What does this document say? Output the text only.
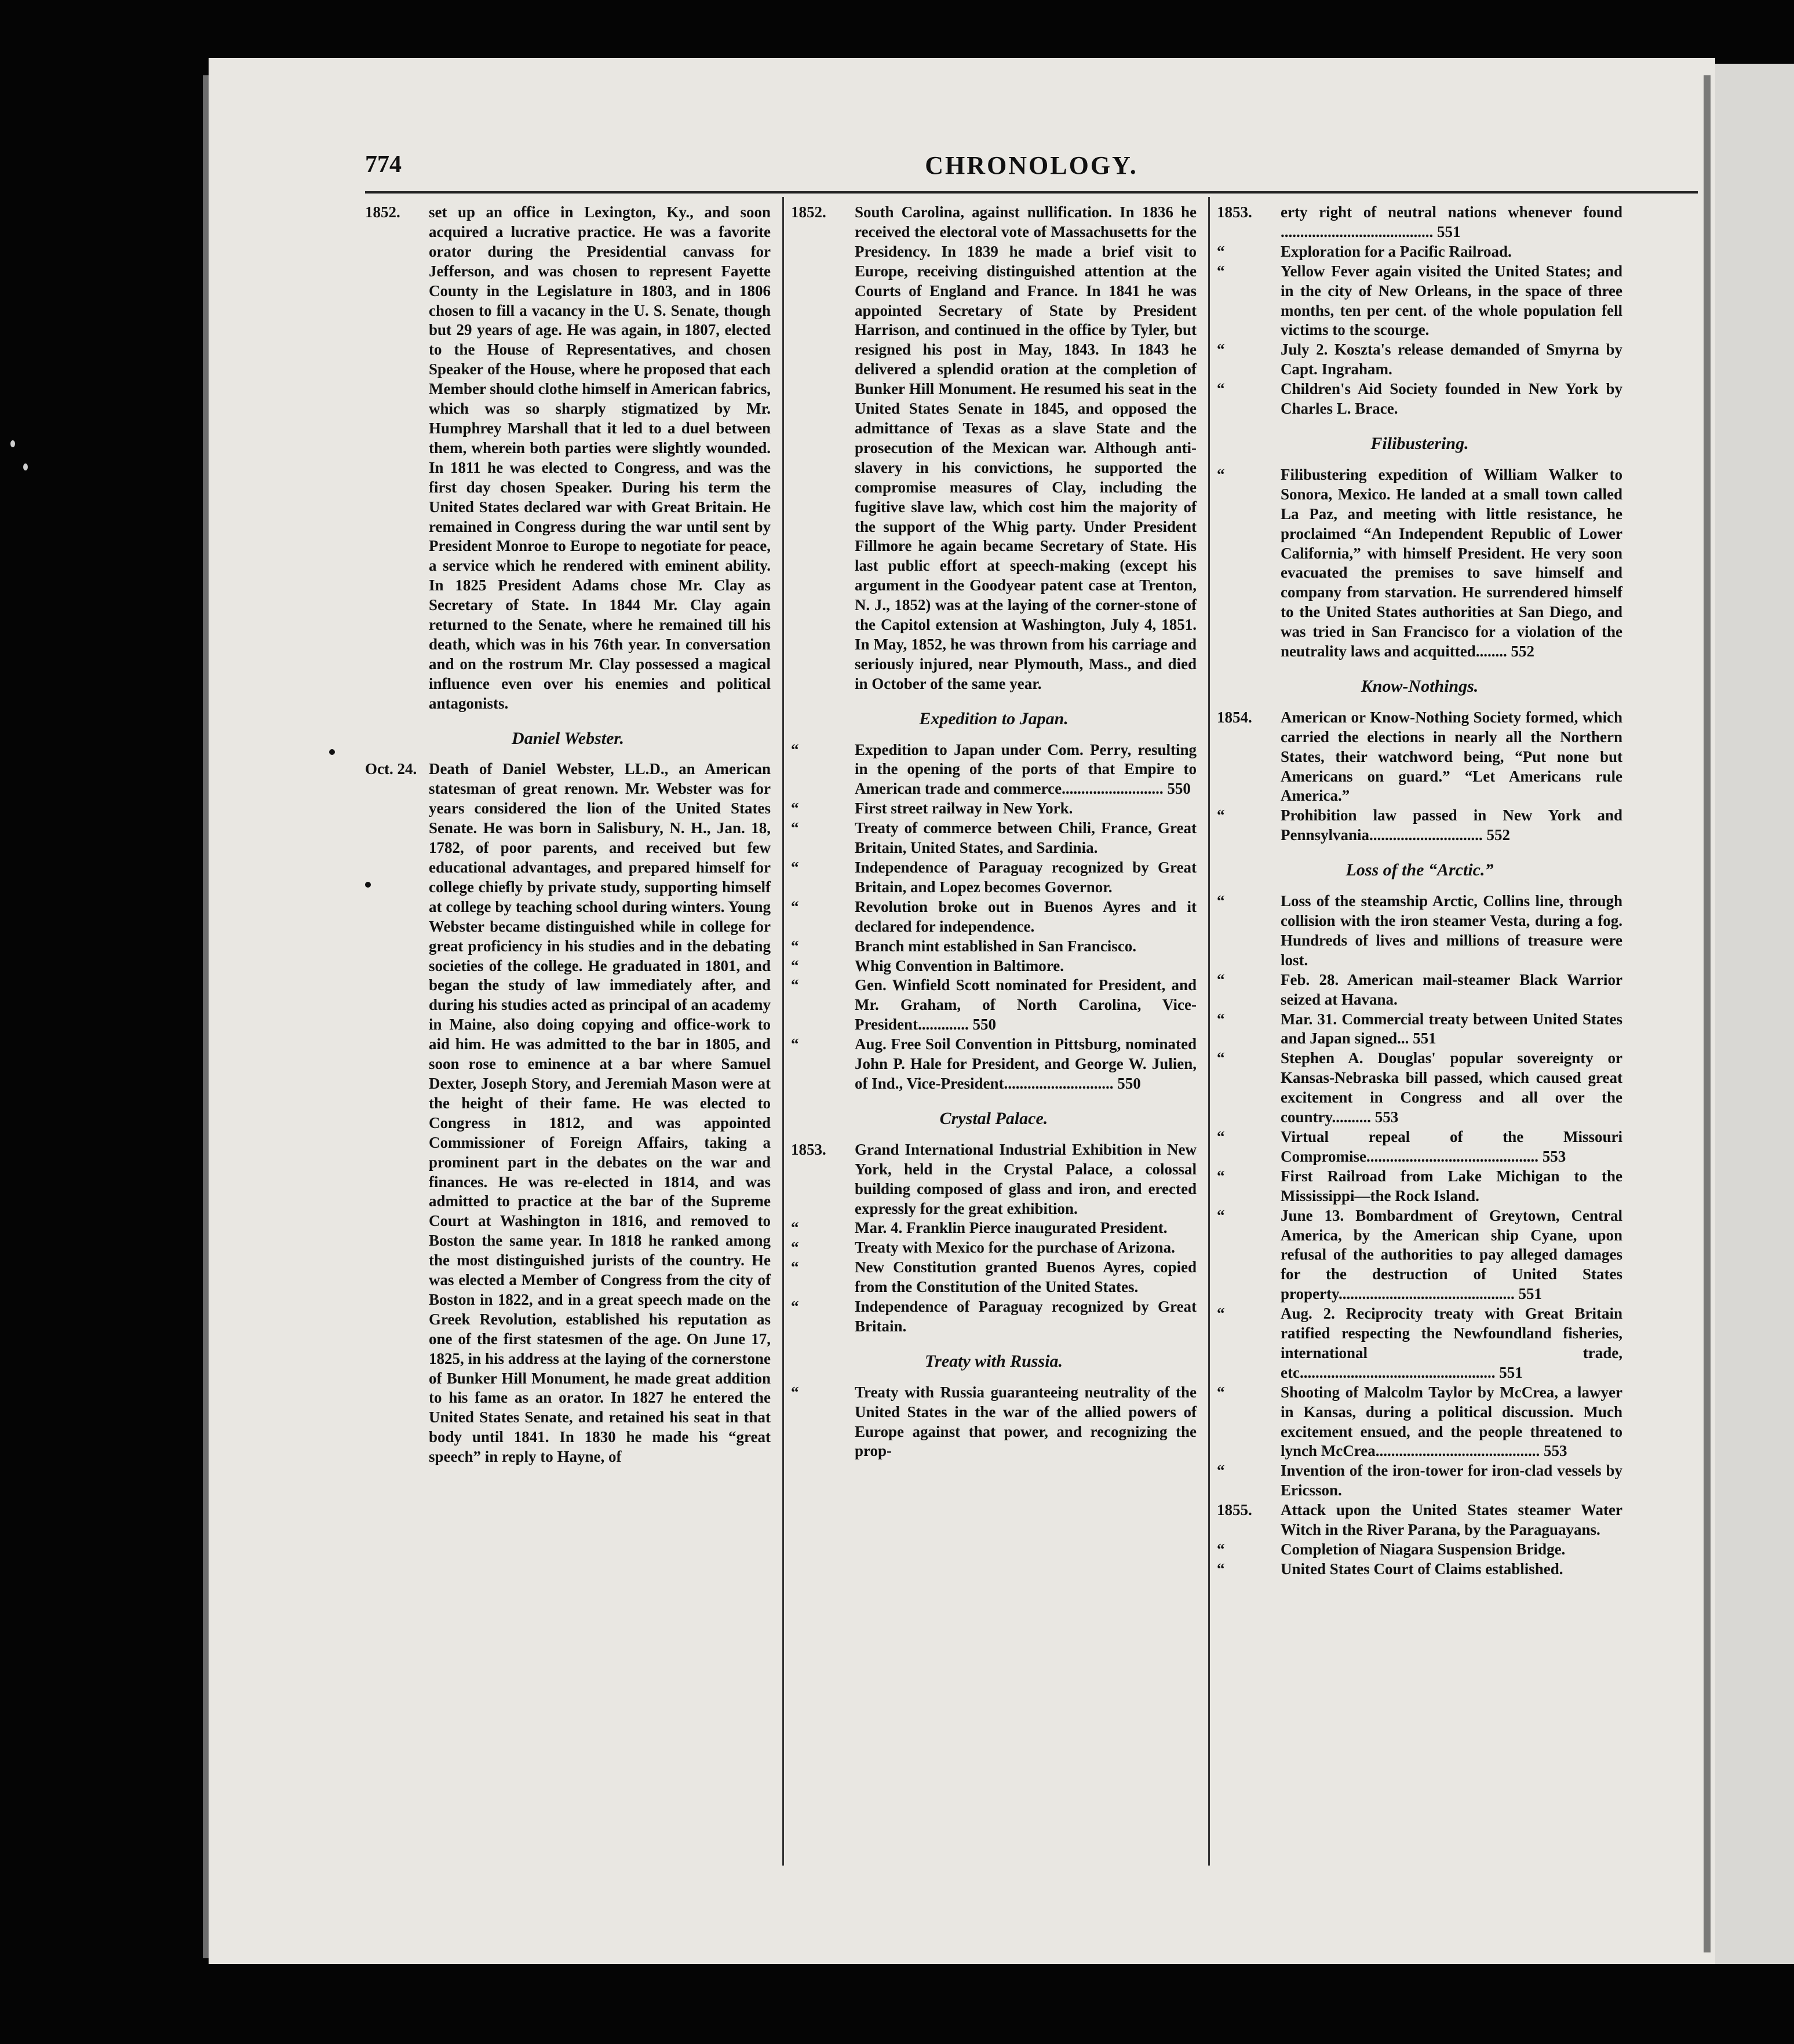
774	CHRONOLOGY.
1852.	set up an office in Lexington, Ky., and soon acquired a lucrative practice. He was a favorite orator during the Presidential canvass for Jefferson, and was chosen to represent Fayette County in the Legislature in 1803, and in 1806 chosen to fill a vacancy in the U. S. Senate, though but 29 years of age. He was again, in 1807, elected to the House of Representatives, and chosen Speaker of the House, where he proposed that each Member should clothe himself in American fabrics, which was so sharply stigmatized by Mr. Humphrey Marshall that it led to a duel between them, wherein both parties were slightly wounded. In 1811 he was elected to Congress, and was the first day chosen Speaker. During his term the United States declared war with Great Britain. He remained in Congress during the war until sent by President Monroe to Europe to negotiate for peace, a service which he rendered with eminent ability. In 1825 President Adams chose Mr. Clay as Secretary of State. In 1844 Mr. Clay again returned to the Senate, where he remained till his death, which was in his 76th year. In conversation and on the rostrum Mr. Clay possessed a magical influence even over his enemies and political antagonists.
Daniel Webster.
Oct. 24. Death of Daniel Webster, LL.D., an American statesman of great renown. Mr. Webster was for years considered the lion of the United States Senate. He was born in Salisbury, N. H., Jan. 18, 1782, of poor parents, and received but few educational advantages, and prepared himself for college chiefly by private study, supporting himself at college by teaching school during winters. Young Webster became distinguished while in college for great proficiency in his studies and in the debating societies of the college. He graduated in 1801, and began the study of law immediately after, and during his studies acted as principal of an academy in Maine, also doing copying and office-work to aid him. He was admitted to the bar in 1805, and soon rose to eminence at a bar where Samuel Dexter, Joseph Story, and Jeremiah Mason were at the height of their fame. He was elected to Congress in 1812, and was appointed Commissioner of Foreign Affairs, taking a prominent part in the debates on the war and finances. He was re-elected in 1814, and was admitted to practice at the bar of the Supreme Court at Washington in 1816, and removed to Boston the same year. In 1818 he ranked among the most distinguished jurists of the country. He was elected a Member of Congress from the city of Boston in 1822, and in a great speech made on the Greek Revolution, established his reputation as one of the first statesmen of the age. On June 17, 1825, in his address at the laying of the cornerstone of Bunker Hill Monument, he made great addition to his fame as an orator. In 1827 he entered the United States Senate, and retained his seat in that body until 1841. In 1830 he made his “great speech” in reply to Hayne, of
1852.	South Carolina, against nullification. In 1836 he received the electoral vote of Massachusetts for the Presidency. In 1839 he made a brief visit to Europe, receiving distinguished attention at the Courts of England and France. In 1841 he was appointed Secretary of State by President Harrison, and continued in the office by Tyler, but resigned his post in May, 1843. In 1843 he delivered a splendid oration at the completion of Bunker Hill Monument. He resumed his seat in the United States Senate in 1845, and opposed the admittance of Texas as a slave State and the prosecution of the Mexican war. Although anti-slavery in his convictions, he supported the compromise measures of Clay, including the fugitive slave law, which cost him the majority of the support of the Whig party. Under President Fillmore he again became Secretary of State. His last public effort at speech-making (except his argument in the Goodyear patent case at Trenton, N. J., 1852) was at the laying of the corner-stone of the Capitol extension at Washington, July 4, 1851. In May, 1852, he was thrown from his carriage and seriously injured, near Plymouth, Mass., and died in October of the same year.
Expedition to Japan.
“	Expedition to Japan under Com. Perry, resulting in the opening of the ports of that Empire to American trade and commerce.......................... 550
“	First street railway in New York.
“	Treaty of commerce between Chili, France, Great Britain, United States, and Sardinia.
“	Independence of Paraguay recognized by Great Britain, and Lopez becomes Governor.
“	Revolution broke out in Buenos Ayres and it declared for independence.
“	Branch mint established in San Francisco.
“	Whig Convention in Baltimore.
“	Gen. Winfield Scott nominated for President, and Mr. Graham, of North Carolina, Vice-President............. 550
“	Aug. Free Soil Convention in Pittsburg, nominated John P. Hale for President, and George W. Julien, of Ind., Vice-President............................ 550
Crystal Palace.
1853.	Grand International Industrial Exhibition in New York, held in the Crystal Palace, a colossal building composed of glass and iron, and erected expressly for the great exhibition.
“	Mar. 4. Franklin Pierce inaugurated President.
“	Treaty with Mexico for the purchase of Arizona.
“	New Constitution granted Buenos Ayres, copied from the Constitution of the United States.
“	Independence of Paraguay recognized by Great Britain.
Treaty with Russia.
“	Treaty with Russia guaranteeing neutrality of the United States in the war of the allied powers of Europe against that power, and recognizing the prop-
1853.	erty right of neutral nations whenever found ....................................... 551
“	Exploration for a Pacific Railroad.
“	Yellow Fever again visited the United States; and in the city of New Orleans, in the space of three months, ten per cent. of the whole population fell victims to the scourge.
“	July 2. Koszta's release demanded of Smyrna by Capt. Ingraham.
“	Children's Aid Society founded in New York by Charles L. Brace.
Filibustering.
“	Filibustering expedition of William Walker to Sonora, Mexico. He landed at a small town called La Paz, and meeting with little resistance, he proclaimed “An Independent Republic of Lower California,” with himself President. He very soon evacuated the premises to save himself and company from starvation. He surrendered himself to the United States authorities at San Diego, and was tried in San Francisco for a violation of the neutrality laws and acquitted........ 552
Know-Nothings.
1854.	American or Know-Nothing Society formed, which carried the elections in nearly all the Northern States, their watchword being, “Put none but Americans on guard.” “Let Americans rule America.”
“	Prohibition law passed in New York and Pennsylvania............................. 552
Loss of the “Arctic.”
“	Loss of the steamship Arctic, Collins line, through collision with the iron steamer Vesta, during a fog. Hundreds of lives and millions of treasure were lost.
“	Feb. 28. American mail-steamer Black Warrior seized at Havana.
“	Mar. 31. Commercial treaty between United States and Japan signed... 551
“	Stephen A. Douglas' popular sovereignty or Kansas-Nebraska bill passed, which caused great excitement in Congress and all over the country.......... 553
“	Virtual repeal of the Missouri Compromise............................................ 553
“	First Railroad from Lake Michigan to the Mississippi—the Rock Island.
“	June 13. Bombardment of Greytown, Central America, by the American ship Cyane, upon refusal of the authorities to pay alleged damages for the destruction of United States property............................................. 551
“	Aug. 2. Reciprocity treaty with Great Britain ratified respecting the Newfoundland fisheries, international trade, etc.................................................. 551
“	Shooting of Malcolm Taylor by McCrea, a lawyer in Kansas, during a political discussion. Much excitement ensued, and the people threatened to lynch McCrea.......................................... 553
“	Invention of the iron-tower for iron-clad vessels by Ericsson.
1855.	Attack upon the United States steamer Water Witch in the River Parana, by the Paraguayans.
“	Completion of Niagara Suspension Bridge.
“	United States Court of Claims established.
